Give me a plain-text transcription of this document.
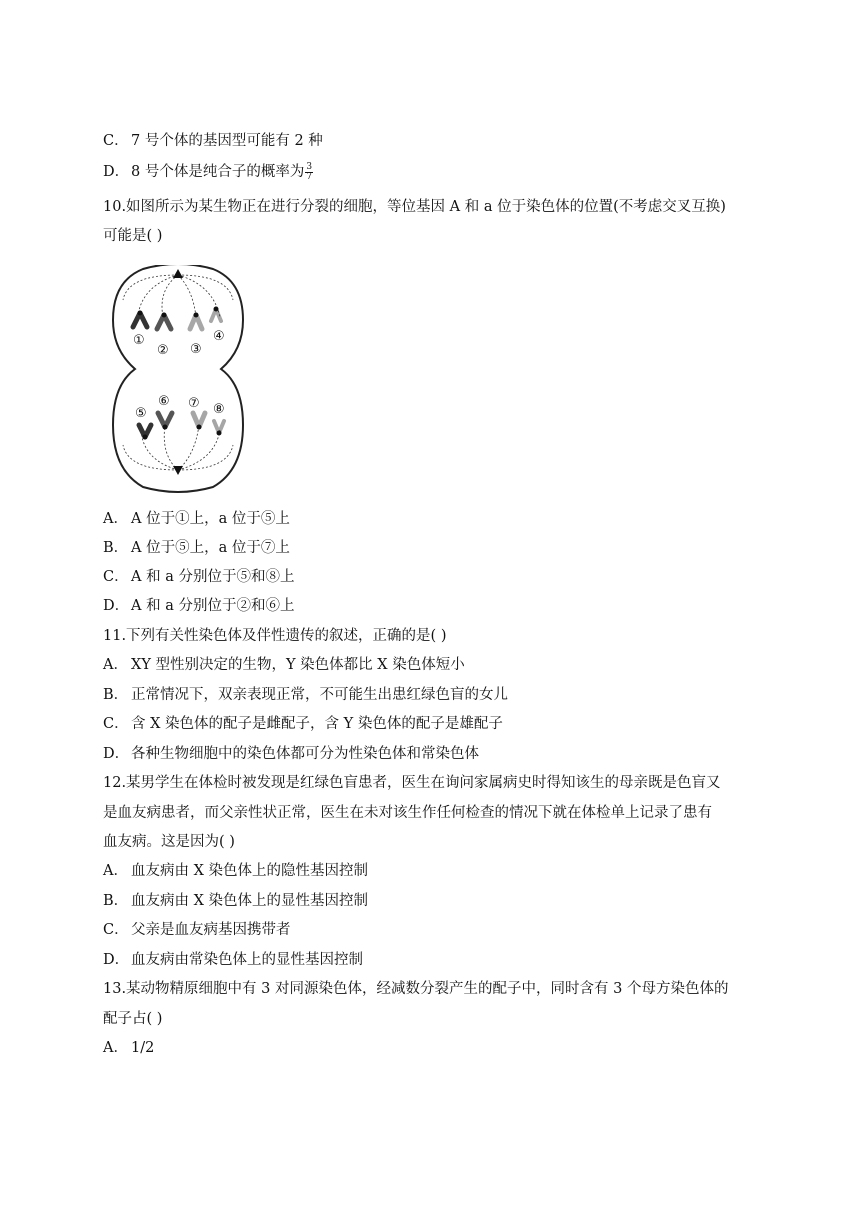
C． 7 号个体的基因型可能有 2 种
D． 8 号个体是纯合子的概率为 $\frac{3}{7}$
10.如图所示为某生物正在进行分裂的细胞，等位基因 A 和 a 位于染色体的位置(不考虑交叉互换)
可能是( )
①
② ③
④
⑤
⑥ ⑦ ⑧
A． A 位于①上，a 位于⑤上
B． A 位于⑤上，a 位于⑦上
C． A 和 a 分别位于⑤和⑧上
D． A 和 a 分别位于②和⑥上
11.下列有关性染色体及伴性遗传的叙述，正确的是( )
A． XY 型性别决定的生物，Y 染色体都比 X 染色体短小
B． 正常情况下，双亲表现正常，不可能生出患红绿色盲的女儿
C． 含 X 染色体的配子是雌配子，含 Y 染色体的配子是雄配子
D． 各种生物细胞中的染色体都可分为性染色体和常染色体
12.某男学生在体检时被发现是红绿色盲患者，医生在询问家属病史时得知该生的母亲既是色盲又
是血友病患者，而父亲性状正常，医生在未对该生作任何检查的情况下就在体检单上记录了患有
血友病。这是因为( )
A． 血友病由 X 染色体上的隐性基因控制
B． 血友病由 X 染色体上的显性基因控制
C． 父亲是血友病基因携带者
D． 血友病由常染色体上的显性基因控制
13.某动物精原细胞中有 3 对同源染色体，经减数分裂产生的配子中，同时含有 3 个母方染色体的
配子占( )
A． 1/2
